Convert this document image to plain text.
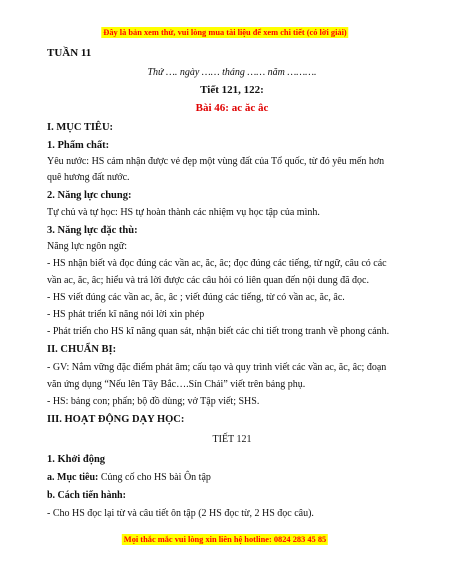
Đây là bản xem thử, vui lòng mua tài liệu để xem chi tiết (có lời giải)
TUẦN 11
Thứ …. ngày …… tháng …… năm ……….
Tiết 121, 122:
Bài 46: ac ăc âc
I. MỤC TIÊU:
1. Phẩm chất:
Yêu nước: HS cảm nhận được vẻ đẹp một vùng đất của Tổ quốc, từ đó yêu mến hơn
quê hương đất nước.
2. Năng lực chung:
Tự chủ và tự học: HS tự hoàn thành các nhiệm vụ học tập của mình.
3. Năng lực đặc thù:
Năng lực ngôn ngữ:
- HS nhận biết và đọc đúng các vần ac, ăc, âc; đọc đúng các tiếng, từ ngữ, câu có các
vần ac, ăc, âc; hiểu và trả lời được các câu hỏi có liên quan đến nội dung đã đọc.
- HS viết đúng các vần ac, ăc, âc ; viết đúng các tiếng, từ có vần ac, ăc, âc.
- HS phát triển kĩ năng nói lời xin phép
- Phát triển cho HS kĩ năng quan sát, nhận biết các chi tiết trong tranh về phong cảnh.
II. CHUẨN BỊ:
- GV: Nắm vững đặc điểm phát âm; cấu tạo và quy trình viết các vần ac, ăc, âc; đoạn
văn ứng dụng “Nếu lên Tây Bắc….Sín Chải” viết trên bảng phụ.
- HS: bảng con; phấn; bộ đồ dùng; vở Tập viết; SHS.
III. HOẠT ĐỘNG DẠY HỌC:
TIẾT 121
1. Khởi động
a. Mục tiêu: Củng cố cho HS bài Ôn tập
b. Cách tiến hành:
- Cho HS đọc lại từ và câu tiết ôn tập (2 HS đọc từ, 2 HS đọc câu).
Mọi thắc mắc vui lòng xin liên hệ hotline: 0824 283 45 85
